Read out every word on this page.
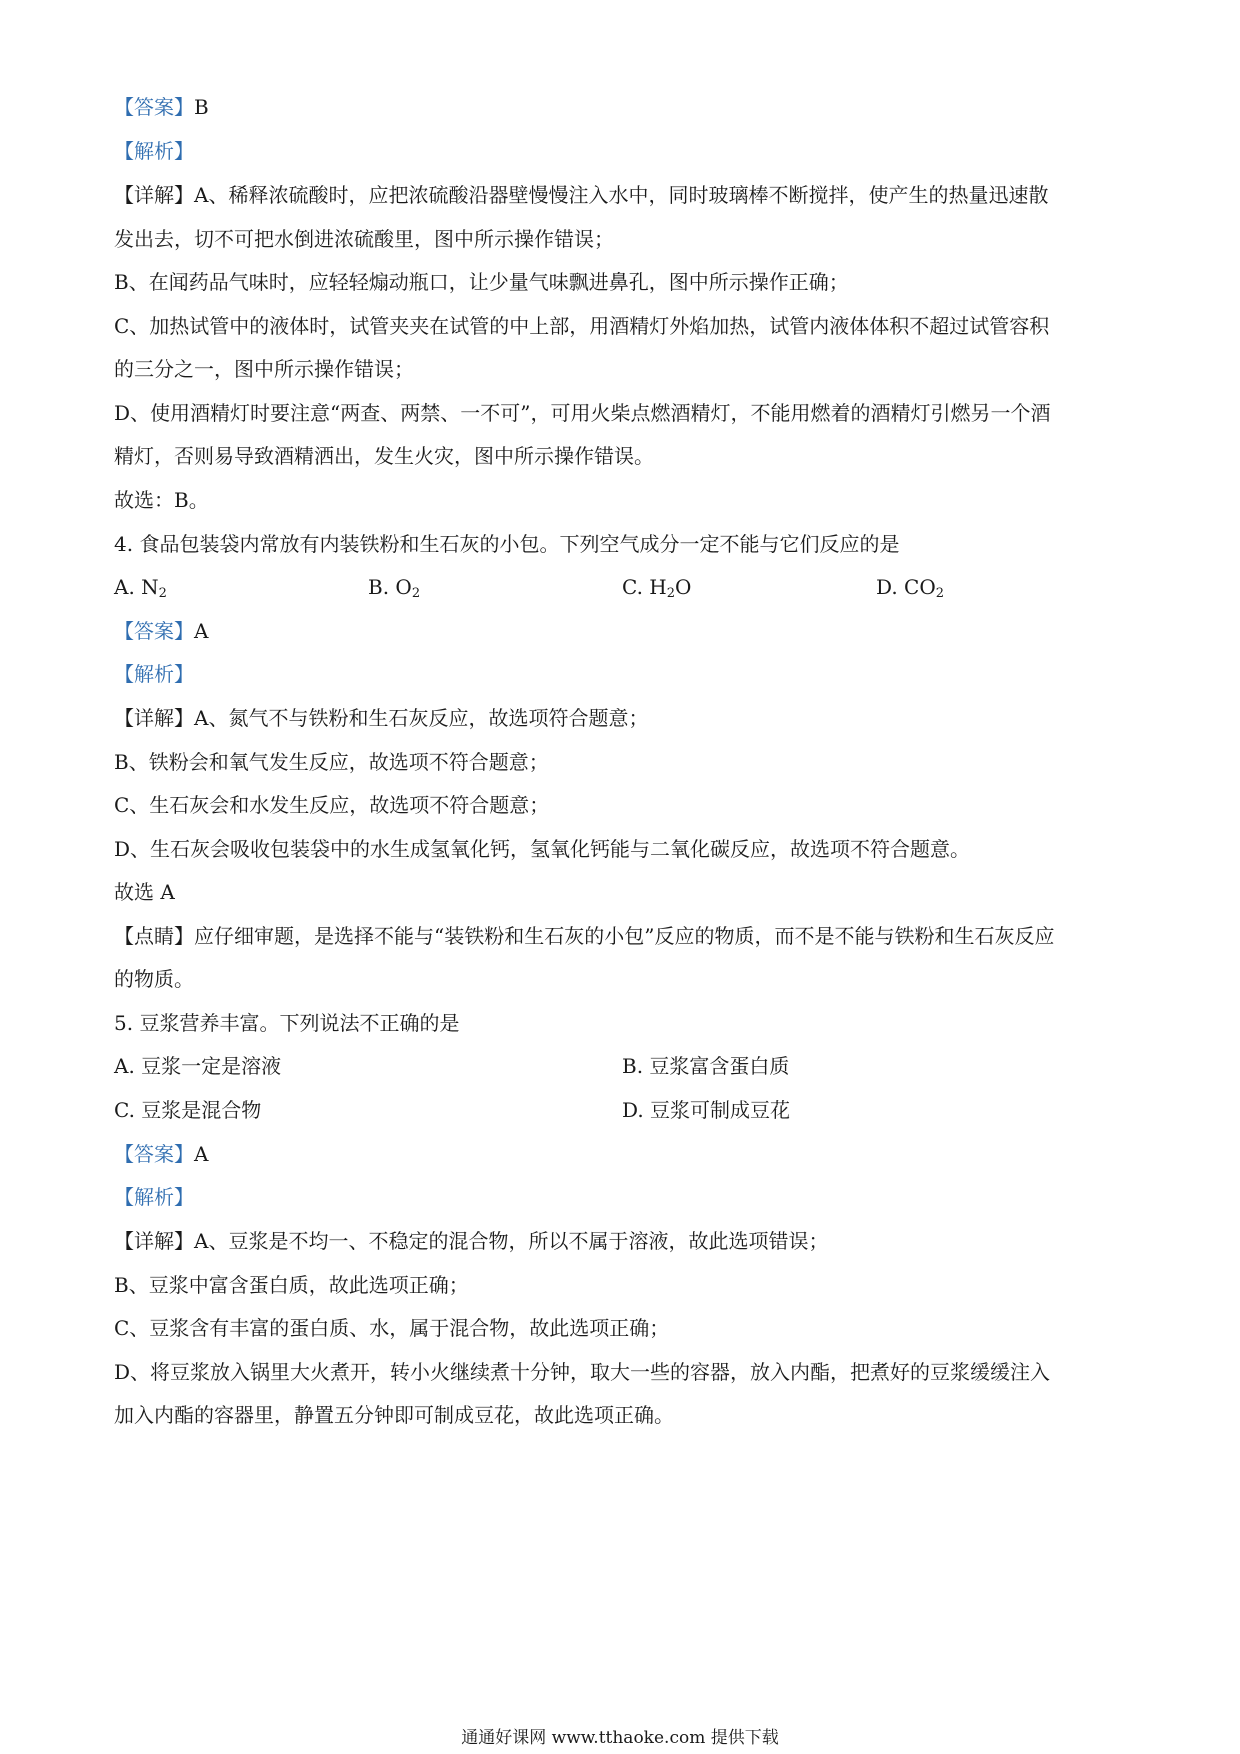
【答案】B
【解析】
【详解】A、稀释浓硫酸时，应把浓硫酸沿器壁慢慢注入水中，同时玻璃棒不断搅拌，使产生的热量迅速散
发出去，切不可把水倒进浓硫酸里，图中所示操作错误；
B、在闻药品气味时，应轻轻煽动瓶口，让少量气味飘进鼻孔，图中所示操作正确；
C、加热试管中的液体时，试管夹夹在试管的中上部，用酒精灯外焰加热，试管内液体体积不超过试管容积
的三分之一，图中所示操作错误；
D、使用酒精灯时要注意“两查、两禁、一不可”，可用火柴点燃酒精灯，不能用燃着的酒精灯引燃另一个酒
精灯，否则易导致酒精洒出，发生火灾，图中所示操作错误。
故选：B。
4. 食品包装袋内常放有内装铁粉和生石灰的小包。下列空气成分一定不能与它们反应的是
A. $N_2$	B. $O_2$	C. $H_2O$	D. $CO_2$
【答案】A
【解析】
【详解】A、氮气不与铁粉和生石灰反应，故选项符合题意；
B、铁粉会和氧气发生反应，故选项不符合题意；
C、生石灰会和水发生反应，故选项不符合题意；
D、生石灰会吸收包装袋中的水生成氢氧化钙，氢氧化钙能与二氧化碳反应，故选项不符合题意。
故选 A
【点睛】应仔细审题，是选择不能与“装铁粉和生石灰的小包”反应的物质，而不是不能与铁粉和生石灰反应
的物质。
5. 豆浆营养丰富。下列说法不正确的是
A. 豆浆一定是溶液	B. 豆浆富含蛋白质
C. 豆浆是混合物	D. 豆浆可制成豆花
【答案】A
【解析】
【详解】A、豆浆是不均一、不稳定的混合物，所以不属于溶液，故此选项错误；
B、豆浆中富含蛋白质，故此选项正确；
C、豆浆含有丰富的蛋白质、水，属于混合物，故此选项正确；
D、将豆浆放入锅里大火煮开，转小火继续煮十分钟，取大一些的容器，放入内酯，把煮好的豆浆缓缓注入
加入内酯的容器里，静置五分钟即可制成豆花，故此选项正确。
通通好课网 www.tthaoke.com 提供下载
